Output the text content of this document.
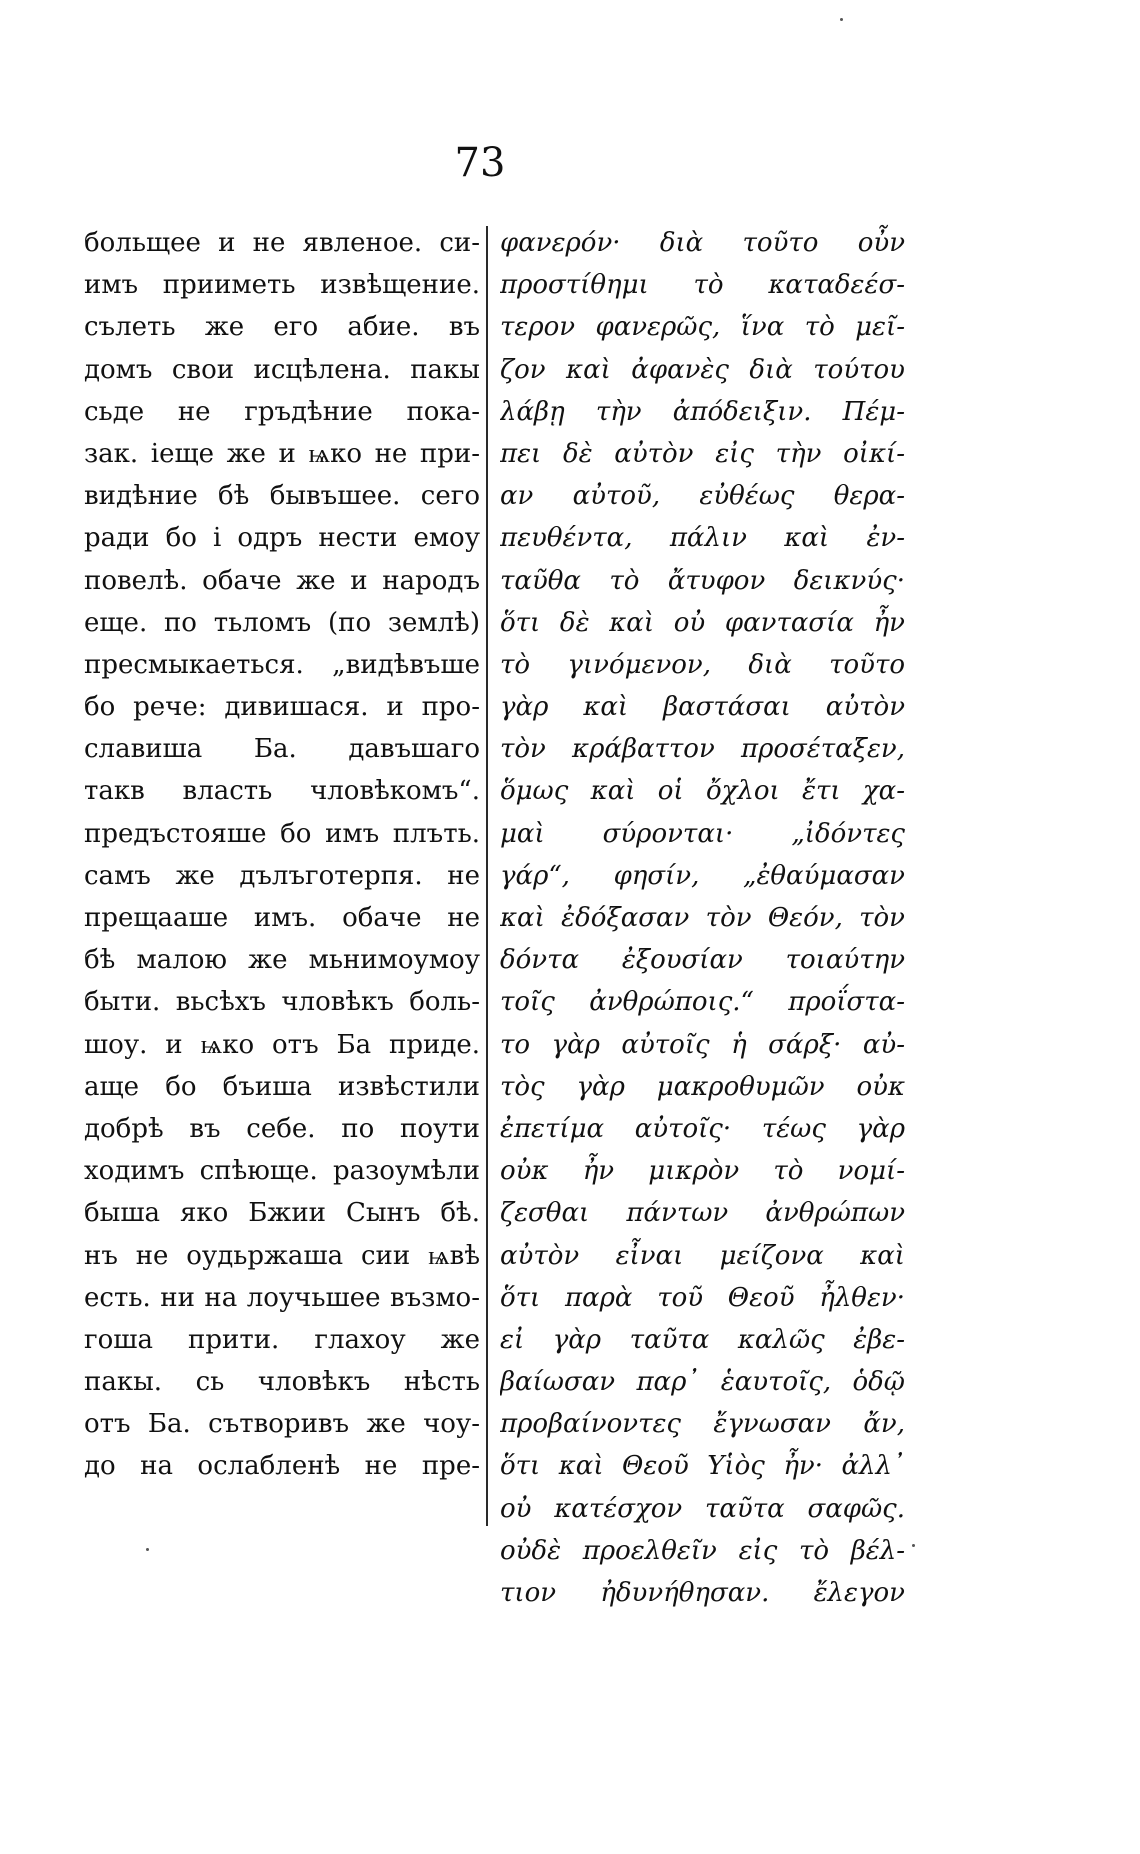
73
больщее и не явленое. си-
имъ прииметь извѣщение.
сълеть же его абие. въ
домъ свои исцѣлена. пакы
сьде не гръдѣние пока-
зак. іеще же и ѩко не при-
видѣние бѣ бывъшее. сего
ради бо і одръ нести емоу
повелѣ. обаче же и народъ
еще. по тьломъ (по землѣ)
пресмыкаеться. „видѣвъше
бо рече: дивишася. и про-
славиша Ба. давъшаго
такв власть чловѣкомъ“.
предъстояше бо имъ плъть.
самъ же дълъготерпя. не
прещааше имъ. обаче не
бѣ малою же мьнимоумоу
быти. вьсѣхъ чловѣкъ боль-
шоу. и ѩко отъ Ба приде.
аще бо бъиша извѣстили
добрѣ въ себе. по поути
ходимъ спѣюще. разоумѣли
быша яко Бжии Сынъ бѣ.
нъ не оудьржаша сии ѩвѣ
есть. ни на лоучьшее възмо-
гоша прити. глахоу же
пакы. сь чловѣкъ нѣсть
отъ Ба. сътворивъ же чоу-
до на ослабленѣ не пре-
φανερόν· διὰ τοῦτο οὖν
προστίθημι τὸ καταδεέσ-
τερον φανερῶς, ἵνα τὸ μεῖ-
ζον καὶ ἀφανὲς διὰ τούτου
λάβῃ τὴν ἀπόδειξιν. Πέμ-
πει δὲ αὐτὸν εἰς τὴν οἰκί-
αν αὐτοῦ, εὐθέως θερα-
πευθέντα, πάλιν καὶ ἐν-
ταῦθα τὸ ἄτυφον δεικνύς·
ὅτι δὲ καὶ οὐ φαντασία ἦν
τὸ γινόμενον, διὰ τοῦτο
γὰρ καὶ βαστάσαι αὐτὸν
τὸν κράβαττον προσέταξεν,
ὅμως καὶ οἱ ὄχλοι ἔτι χα-
μαὶ σύρονται· „ἰδόντες
γάρ“, φησίν, „ἐθαύμασαν
καὶ ἐδόξασαν τὸν Θεόν, τὸν
δόντα ἐξουσίαν τοιαύτην
τοῖς ἀνθρώποις.“ προΐστα-
το γὰρ αὐτοῖς ἡ σάρξ· αὐ-
τὸς γὰρ μακροθυμῶν οὐκ
ἐπετίμα αὐτοῖς· τέως γὰρ
οὐκ ἦν μικρὸν τὸ νομί-
ζεσθαι πάντων ἀνθρώπων
αὐτὸν εἶναι μείζονα καὶ
ὅτι παρὰ τοῦ Θεοῦ ἦλθεν·
εἰ γὰρ ταῦτα καλῶς ἐβε-
βαίωσαν παρ᾽ ἑαυτοῖς, ὁδῷ
προβαίνοντες ἔγνωσαν ἄν,
ὅτι καὶ Θεοῦ Υἱὸς ἦν· ἀλλ᾽
οὐ κατέσχον ταῦτα σαφῶς.
οὐδὲ προελθεῖν εἰς τὸ βέλ-
τιον ἠδυνήθησαν. ἔλεγον
